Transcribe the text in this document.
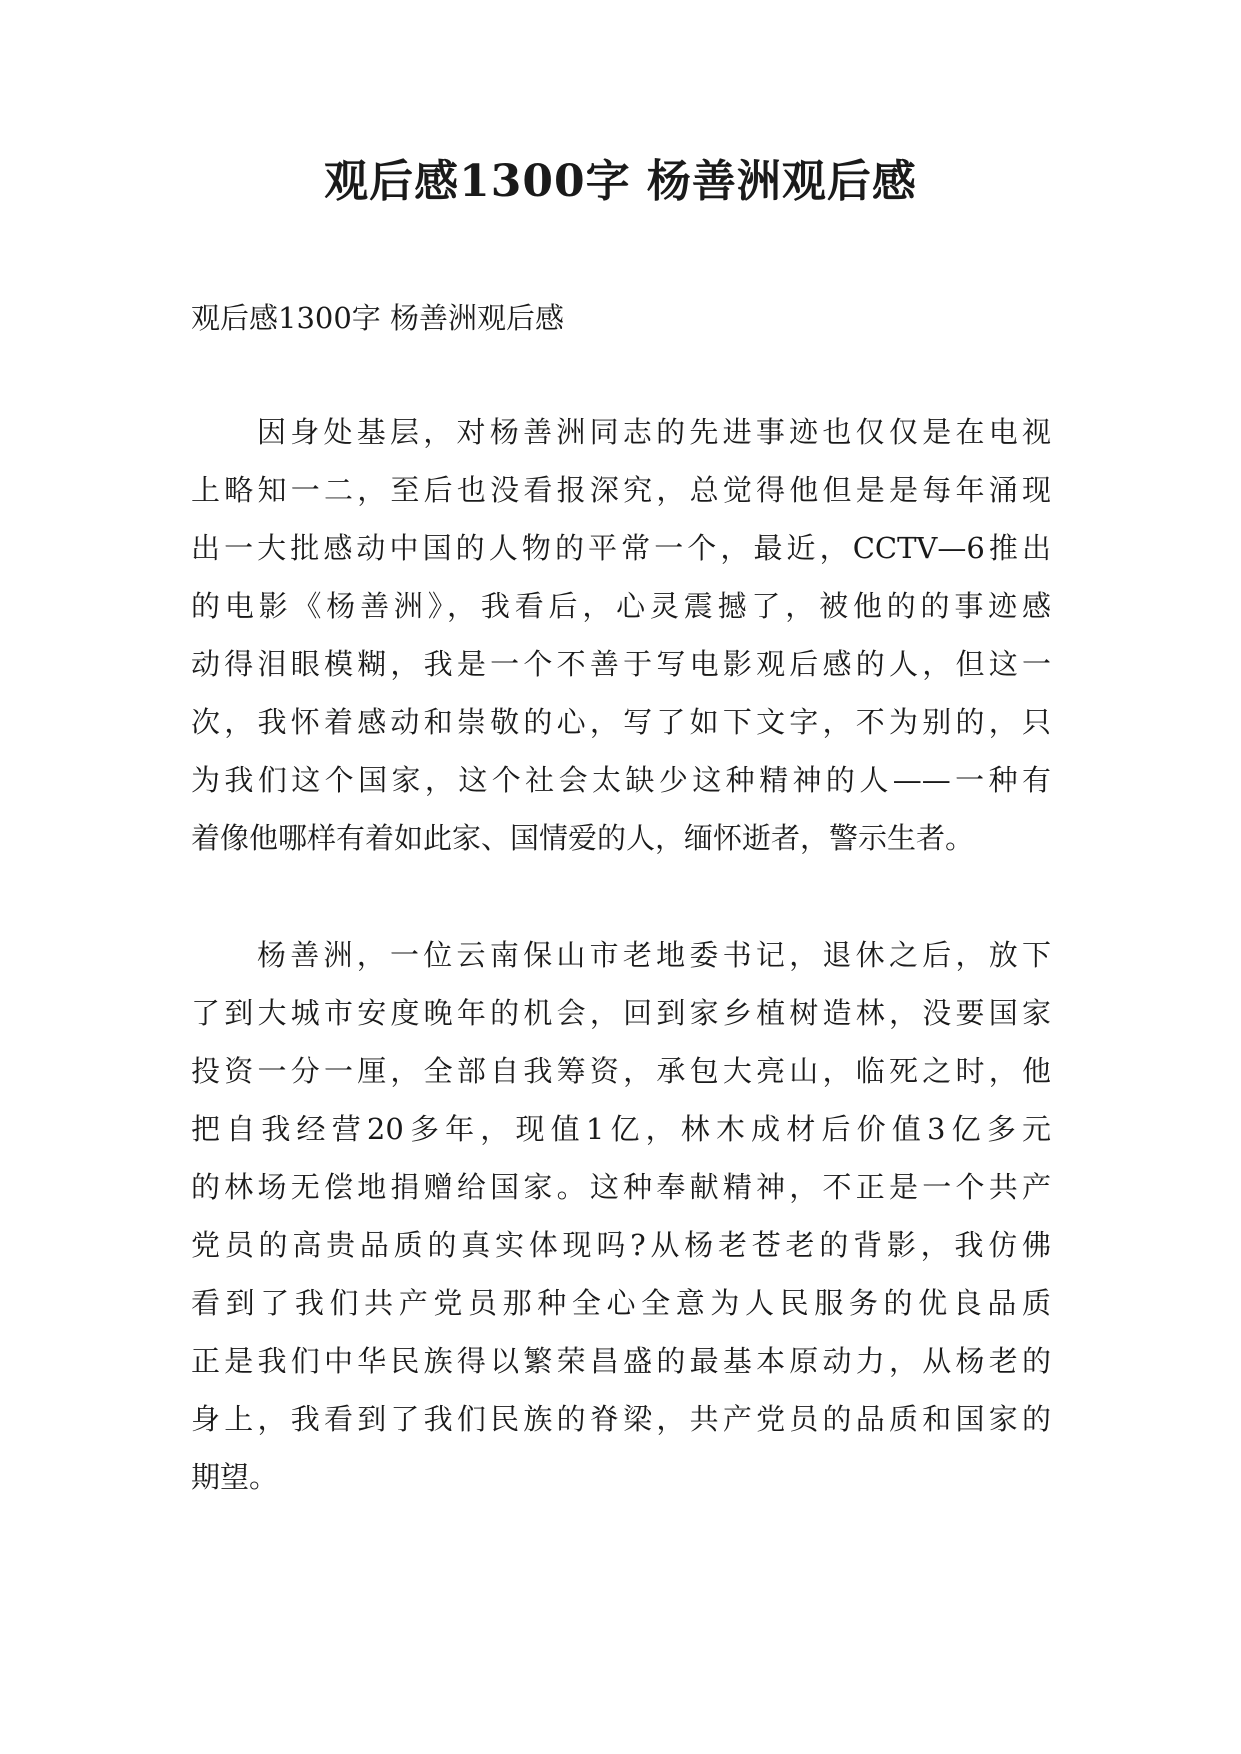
观后感1300字 杨善洲观后感

观后感1300字 杨善洲观后感

因身处基层，对杨善洲同志的先进事迹也仅仅是在电视
上略知一二，至后也没看报深究，总觉得他但是是每年涌现
出一大批感动中国的人物的平常一个，最近，CCTV—6推出
的电影《杨善洲》，我看后，心灵震撼了，被他的的事迹感
动得泪眼模糊，我是一个不善于写电影观后感的人，但这一
次，我怀着感动和崇敬的心，写了如下文字，不为别的，只
为我们这个国家，这个社会太缺少这种精神的人——一种有
着像他哪样有着如此家、国情爱的人，缅怀逝者，警示生者。
杨善洲，一位云南保山市老地委书记，退休之后，放下
了到大城市安度晚年的机会，回到家乡植树造林，没要国家
投资一分一厘，全部自我筹资，承包大亮山，临死之时，他
把自我经营20多年，现值1亿，林木成材后价值3亿多元
的林场无偿地捐赠给国家。这种奉献精神，不正是一个共产
党员的高贵品质的真实体现吗?从杨老苍老的背影，我仿佛
看到了我们共产党员那种全心全意为人民服务的优良品质
正是我们中华民族得以繁荣昌盛的最基本原动力，从杨老的
身上，我看到了我们民族的脊梁，共产党员的品质和国家的
期望。
